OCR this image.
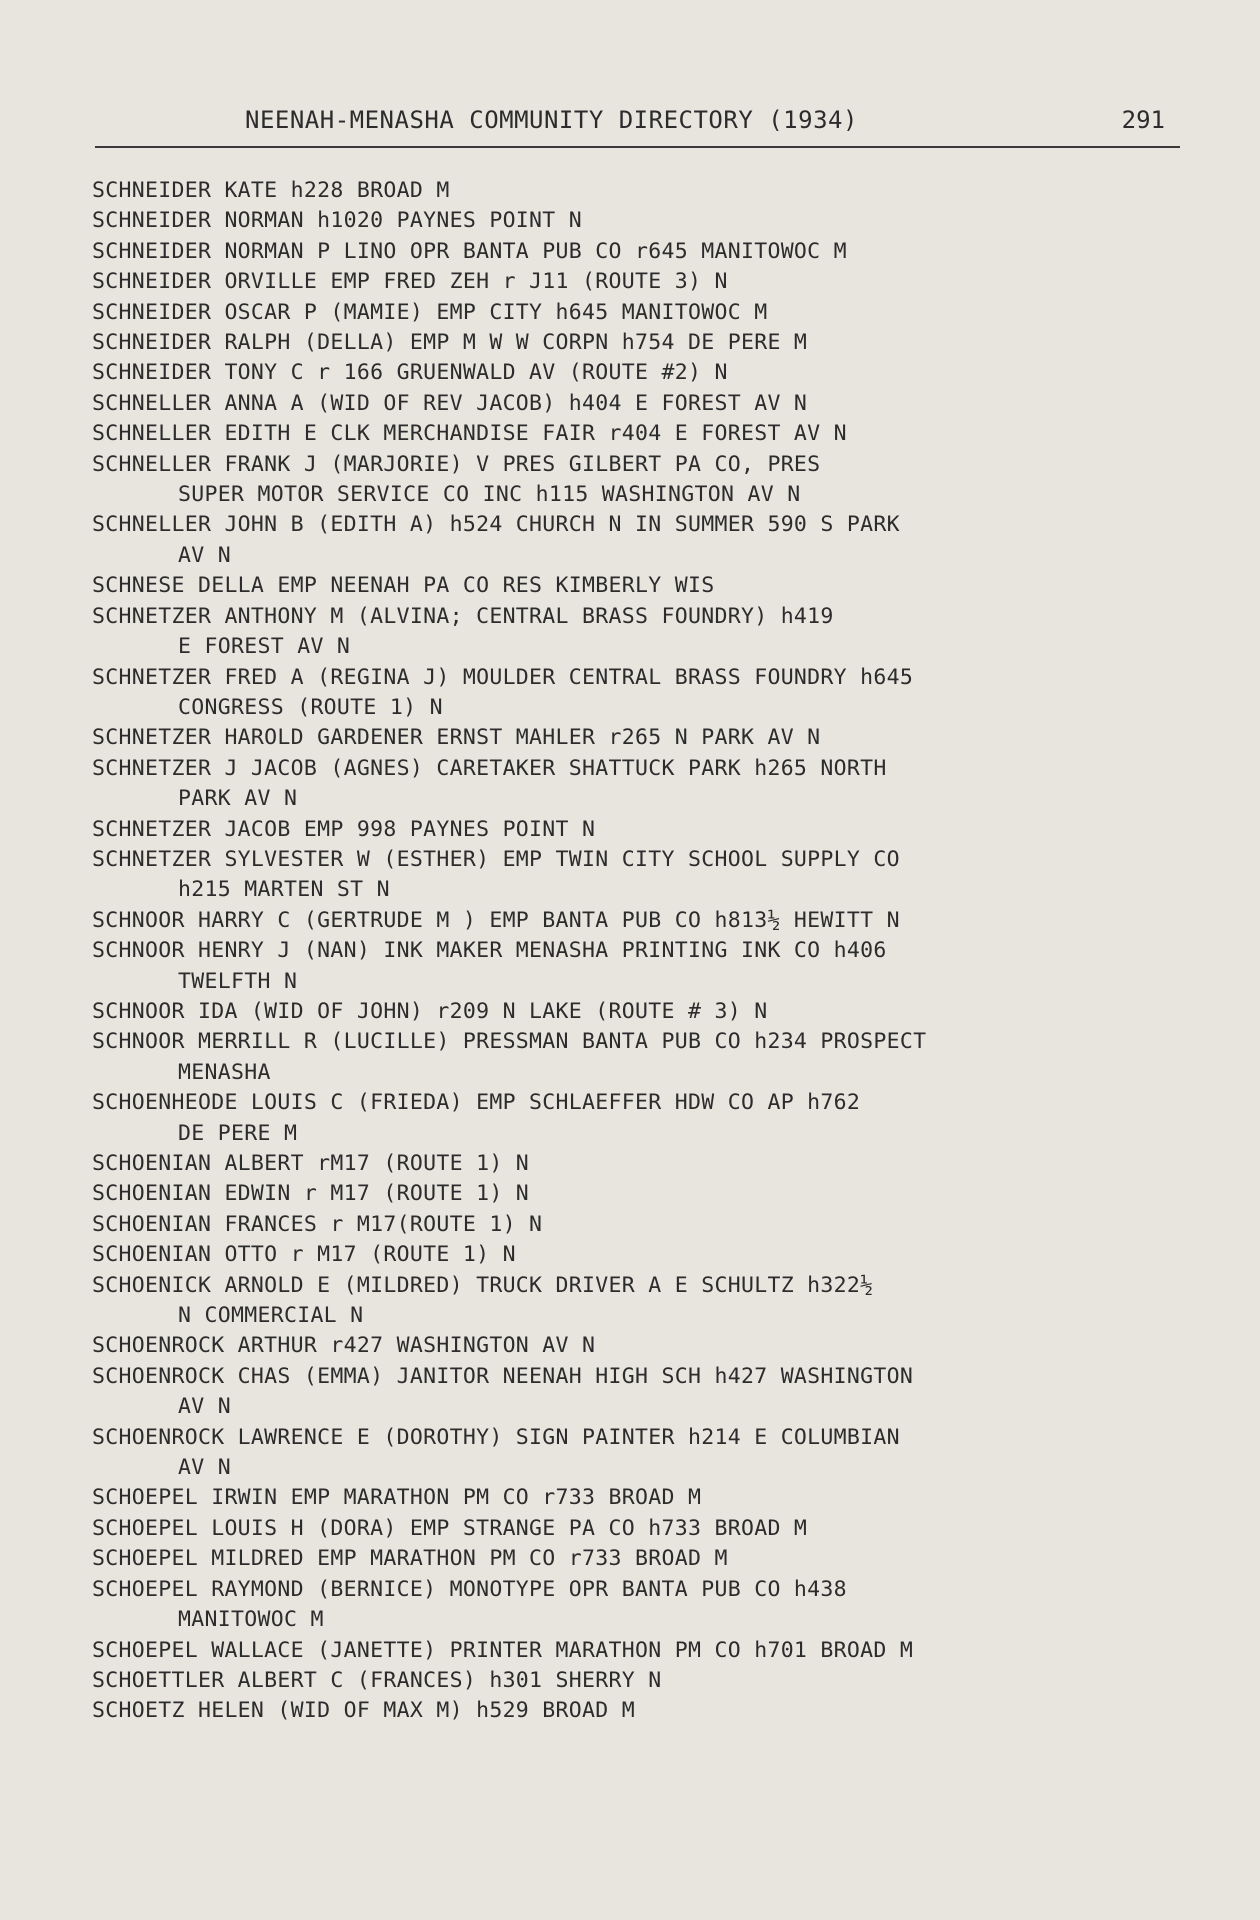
NEENAH-MENASHA COMMUNITY DIRECTORY (1934)	291
SCHNEIDER KATE h228 BROAD M
SCHNEIDER NORMAN h1020 PAYNES POINT N
SCHNEIDER NORMAN P LINO OPR BANTA PUB CO r645 MANITOWOC M
SCHNEIDER ORVILLE EMP FRED ZEH r J11 (ROUTE 3) N
SCHNEIDER OSCAR P (MAMIE) EMP CITY h645 MANITOWOC M
SCHNEIDER RALPH (DELLA) EMP M W W CORPN h754 DE PERE M
SCHNEIDER TONY C r 166 GRUENWALD AV (ROUTE #2) N
SCHNELLER ANNA A (WID OF REV JACOB) h404 E FOREST AV N
SCHNELLER EDITH E CLK MERCHANDISE FAIR r404 E FOREST AV N
SCHNELLER FRANK J (MARJORIE) V PRES GILBERT PA CO, PRES
SUPER MOTOR SERVICE CO INC h115 WASHINGTON AV N
SCHNELLER JOHN B (EDITH A) h524 CHURCH N IN SUMMER 590 S PARK
AV N
SCHNESE DELLA EMP NEENAH PA CO RES KIMBERLY WIS
SCHNETZER ANTHONY M (ALVINA; CENTRAL BRASS FOUNDRY) h419
E FOREST AV N
SCHNETZER FRED A (REGINA J) MOULDER CENTRAL BRASS FOUNDRY h645
CONGRESS (ROUTE 1) N
SCHNETZER HAROLD GARDENER ERNST MAHLER r265 N PARK AV N
SCHNETZER J JACOB (AGNES) CARETAKER SHATTUCK PARK h265 NORTH
PARK AV N
SCHNETZER JACOB EMP 998 PAYNES POINT N
SCHNETZER SYLVESTER W (ESTHER) EMP TWIN CITY SCHOOL SUPPLY CO
h215 MARTEN ST N
SCHNOOR HARRY C (GERTRUDE M ) EMP BANTA PUB CO h813½ HEWITT N
SCHNOOR HENRY J (NAN) INK MAKER MENASHA PRINTING INK CO h406
TWELFTH N
SCHNOOR IDA (WID OF JOHN) r209 N LAKE (ROUTE # 3) N
SCHNOOR MERRILL R (LUCILLE) PRESSMAN BANTA PUB CO h234 PROSPECT
MENASHA
SCHOENHEODE LOUIS C (FRIEDA) EMP SCHLAEFFER HDW CO AP h762
DE PERE M
SCHOENIAN ALBERT rM17 (ROUTE 1) N
SCHOENIAN EDWIN r M17 (ROUTE 1) N
SCHOENIAN FRANCES r M17(ROUTE 1) N
SCHOENIAN OTTO r M17 (ROUTE 1) N
SCHOENICK ARNOLD E (MILDRED) TRUCK DRIVER A E SCHULTZ h322½
N COMMERCIAL N
SCHOENROCK ARTHUR r427 WASHINGTON AV N
SCHOENROCK CHAS (EMMA) JANITOR NEENAH HIGH SCH h427 WASHINGTON
AV N
SCHOENROCK LAWRENCE E (DOROTHY) SIGN PAINTER h214 E COLUMBIAN
AV N
SCHOEPEL IRWIN EMP MARATHON PM CO r733 BROAD M
SCHOEPEL LOUIS H (DORA) EMP STRANGE PA CO h733 BROAD M
SCHOEPEL MILDRED EMP MARATHON PM CO r733 BROAD M
SCHOEPEL RAYMOND (BERNICE) MONOTYPE OPR BANTA PUB CO h438
MANITOWOC M
SCHOEPEL WALLACE (JANETTE) PRINTER MARATHON PM CO h701 BROAD M
SCHOETTLER ALBERT C (FRANCES) h301 SHERRY N
SCHOETZ HELEN (WID OF MAX M) h529 BROAD M
